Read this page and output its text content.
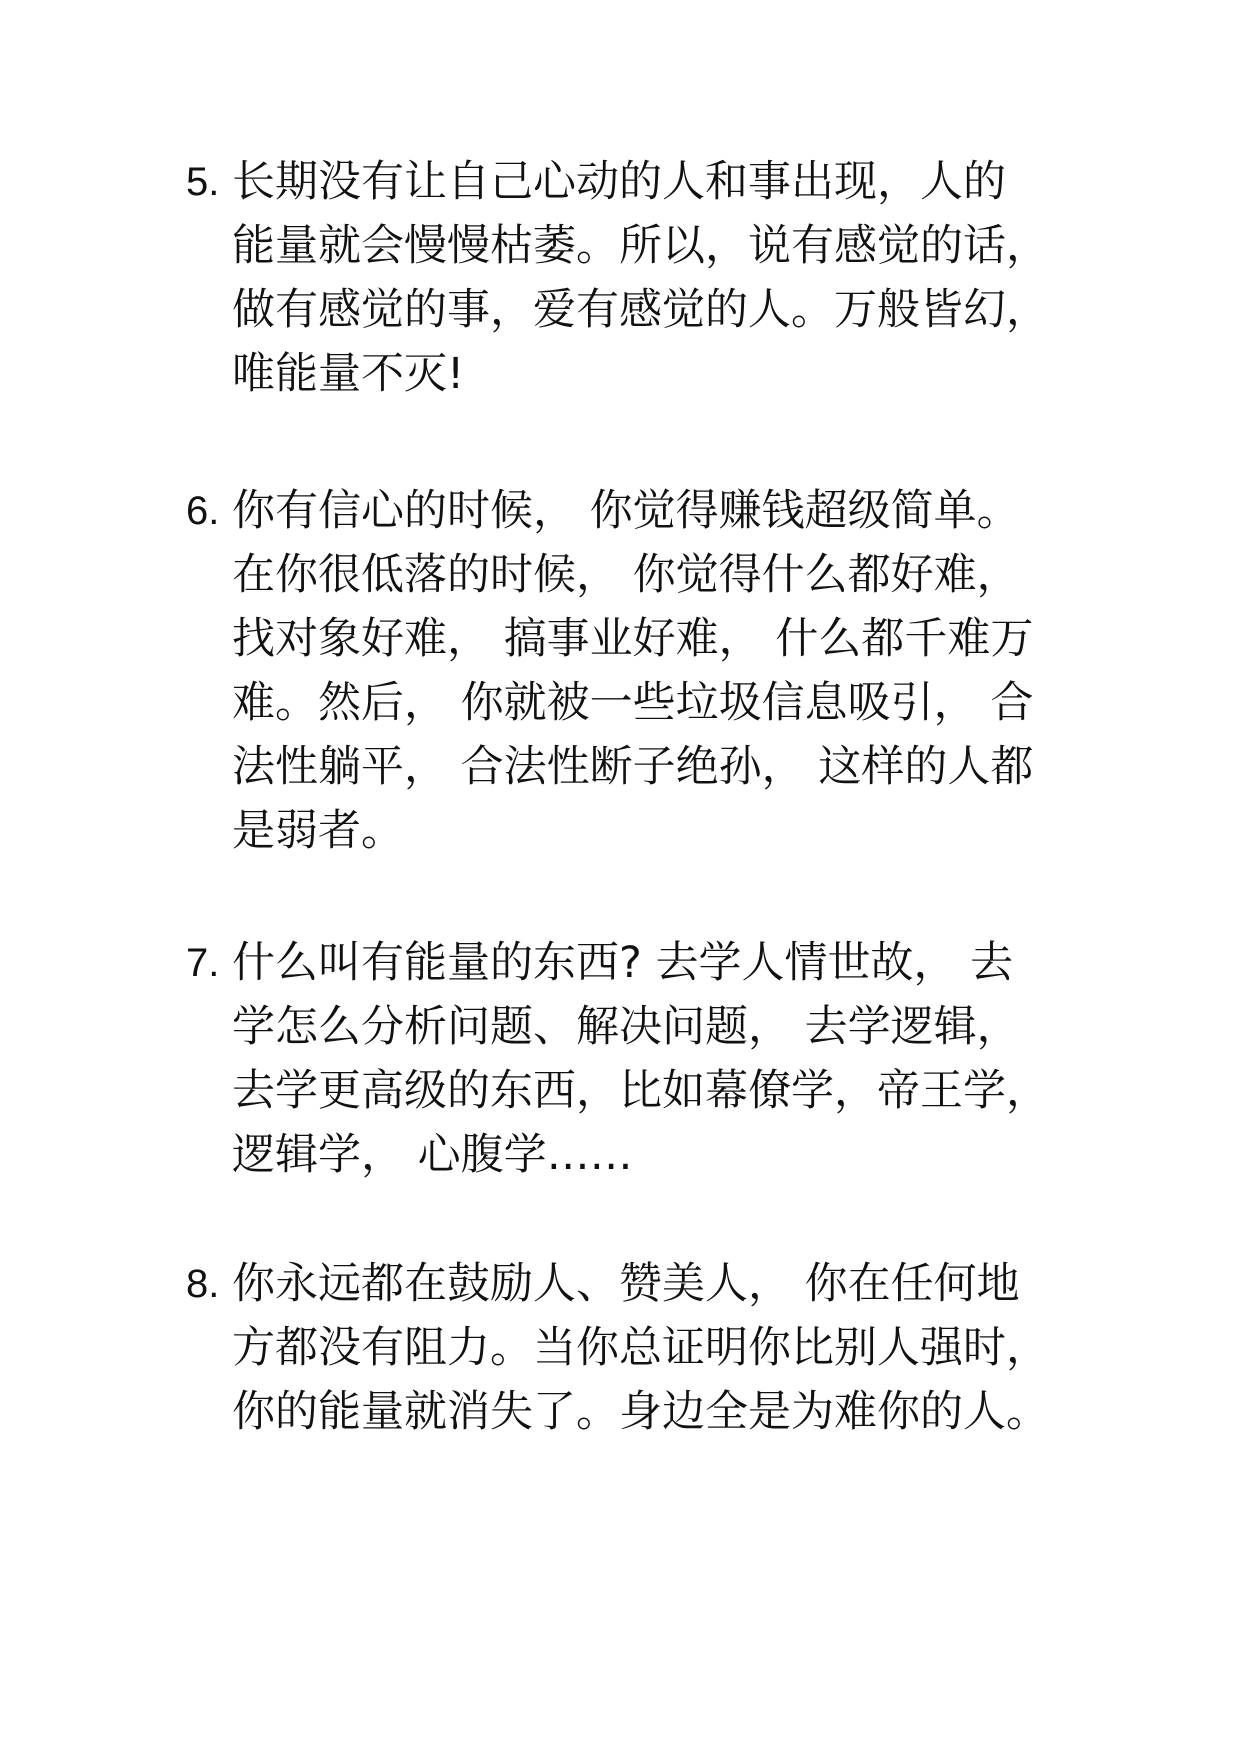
5. 长期没有让自己心动的人和事出现，人的
能量就会慢慢枯萎。所以，说有感觉的话，
做有感觉的事，爱有感觉的人。万般皆幻，
唯能量不灭!
6. 你有信心的时候， 你觉得赚钱超级简单。
在你很低落的时候， 你觉得什么都好难，
找对象好难， 搞事业好难， 什么都千难万
难。然后， 你就被一些垃圾信息吸引， 合
法性躺平， 合法性断子绝孙， 这样的人都
是弱者。
7. 什么叫有能量的东西? 去学人情世故， 去
学怎么分析问题、解决问题， 去学逻辑，
去学更高级的东西，比如幕僚学，帝王学，
逻辑学， 心腹学……
8. 你永远都在鼓励人、赞美人， 你在任何地
方都没有阻力。当你总证明你比别人强时，
你的能量就消失了。身边全是为难你的人。
